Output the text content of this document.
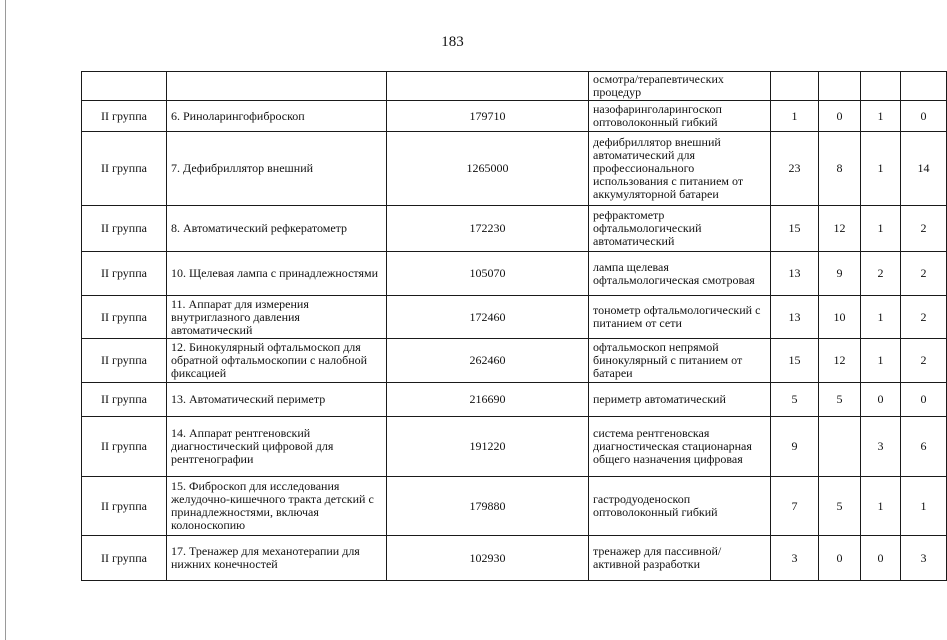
183
			осмотра/терапевтических процедур				
II группа	6. Риноларингофиброскоп	179710	назофаринголарингоскоп оптоволоконный гибкий	1	0	1	0
II группа	7. Дефибриллятор внешний	1265000	дефибриллятор внешний автоматический для профессионального использования с питанием от аккумуляторной батареи	23	8	1	14
II группа	8. Автоматический рефкератометр	172230	рефрактометр офтальмологический автоматический	15	12	1	2
II группа	10. Щелевая лампа с принадлежностями	105070	лампа щелевая офтальмологическая смотровая	13	9	2	2
II группа	11. Аппарат для измерения внутриглазного давления автоматический	172460	тонометр офтальмологический с питанием от сети	13	10	1	2
II группа	12. Бинокулярный офтальмоскоп для обратной офтальмоскопии с налобной фиксацией	262460	офтальмоскоп непрямой бинокулярный с питанием от батареи	15	12	1	2
II группа	13. Автоматический периметр	216690	периметр автоматический	5	5	0	0
II группа	14. Аппарат рентгеновский диагностический цифровой для рентгенографии	191220	система рентгеновская диагностическая стационарная общего назначения цифровая	9		3	6
II группа	15. Фиброскоп для исследования желудочно-кишечного тракта детский с принадлежностями, включая колоноскопию	179880	гастродуоденоскоп оптоволоконный гибкий	7	5	1	1
II группа	17. Тренажер для механотерапии для нижних конечностей	102930	тренажер для пассивной/активной разработки	3	0	0	3
